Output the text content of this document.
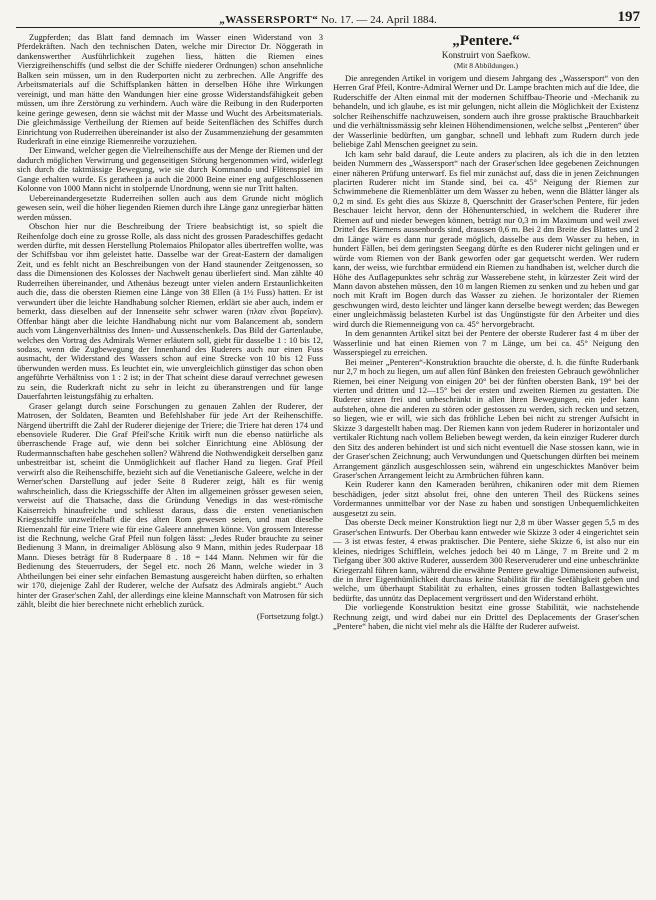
„WASSERSPORT“
No. 17. — 24. April 1884.	197

Zugpferden; das Blatt fand demnach im Wasser einen Widerstand von 3 Pferdekräften. Nach den technischen Daten, welche mir Director Dr. Nöggerath in dankenswerther Ausführlichkeit zugehen liess, hätten die Riemen eines Vierzigreihenschiffs (und selbst die der Schiffe niederer Ordnungen) schon ansehnliche Balken sein müssen, um in den Ruderporten nicht zu zerbrechen. Alle Angriffe des Arbeitsmaterials auf die Schiffsplanken hätten in derselben Höhe ihre Wirkungen vereinigt, und man hätte den Wandungen hier eine grosse Widerstandsfähigkeit geben müssen, um ihre Zerstörung zu verhindern. Auch wäre die Reibung in den Ruderporten keine geringe gewesen, denn sie wächst mit der Masse und Wucht des Arbeitsmaterials. Die gleichmässige Vertheilung der Riemen auf beide Seitenflächen des Schiffes durch Einrichtung von Ruderreihen übereinander ist also der Zusammenziehung der gesammten Ruderkraft in eine einzige Riemenreihe vorzuziehen.

Der Einwand, welcher gegen die Vielreihenschiffe aus der Menge der Riemen und der dadurch möglichen Verwirrung und gegenseitigen Störung hergenommen wird, widerlegt sich durch die taktmässige Bewegung, wie sie durch Kommando und Flötenspiel im Gange erhalten wurde. Es geratheen ja auch die 2000 Beine einer eng aufgeschlossenen Kolonne von 1000 Mann nicht in stolpernde Unordnung, wenn sie nur Tritt halten.

Uebereinandergesetzte Ruderreihen sollen auch aus dem Grunde nicht möglich gewesen sein, weil die höher liegenden Riemen durch ihre Länge ganz unregierbar hätten werden müssen.

Obschon hier nur die Beschreibung der Triere beabsichtigt ist, so spielt die Reihenfolge doch eine zu grosse Rolle, als dass nicht des grossen Paradeschiffes gedacht werden dürfte, mit dessen Herstellung Ptolemaios Philopator alles übertreffen wollte, was der Schiffsbau vor ihm geleistet hatte. Dasselbe war der Great-Eastern der damaligen Zeit, und es fehlt nicht an Beschreibungen von der Hand staunender Zeitgenossen, so dass die Dimensionen des Kolosses der Nachwelt genau überliefert sind. Man zählte 40 Ruderreihen übereinander, und Athenäus bezeugt unter vielen andern Erstaunlichkeiten auch die, dass die obersten Riemen eine Länge von 38 Ellen (à 1½ Fuss) hatten. Er ist verwundert über die leichte Handhabung solcher Riemen, erklärt sie aber auch, indem er bemerkt, dass dieselben auf der Innenseite sehr schwer waren (πλαν εἶναι βαρεῖαν). Offenbar hängt aber die leichte Handhabung nicht nur vom Balancement ab, sondern auch vom Längenverhältniss des Innen- und Aussenschenkels. Das Bild der Gartenlaube, welches den Vortrag des Admirals Werner erläutern soll, giebt für dasselbe 1 : 10 bis 12, sodass, wenn die Zugbewegung der Innenhand des Ruderers auch nur einen Fuss ausmacht, der Widerstand des Wassers schon auf eine Strecke von 10 bis 12 Fuss überwunden werden muss. Es leuchtet ein, wie unvergleichlich günstiger das schon oben angeführte Verhältniss von 1 : 2 ist; in der That scheint diese darauf verrechnet gewesen zu sein, die Ruderkraft nicht zu sehr in leicht zu überanstrengen und für lange Dauerfahrten leistungsfähig zu erhalten.

Graser gelangt durch seine Forschungen zu genauen Zahlen der Ruderer, der Matrosen, der Soldaten, Beamten und Befehlshaber für jede Art der Reihenschiffe. Närgend übertrifft die Zahl der Ruderer diejenige der Triere; die Triere hat deren 174 und ebensoviele Ruderer. Die Graf Pfeil'sche Kritik wirft nun die ebenso natürliche als überraschende Frage auf, wie denn bei solcher Einrichtung eine Ablösung der Rudermannschaften habe geschehen sollen? Während die Nothwendigkeit derselben ganz unbestreitbar ist, scheint die Unmöglichkeit auf flacher Hand zu liegen. Graf Pfeil verwirft also die Reihenschiffe, bezieht sich auf die Venetianische Galeere, welche in der Werner'schen Darstellung auf jeder Seite 8 Ruderer zeigt, hält es für wenig wahrscheinlich, dass die Kriegsschiffe der Alten im allgemeinen grösser gewesen seien, verweist auf die Thatsache, dass die Gründung Venedigs in das west-römische Kaiserreich hinaufreiche und schliesst daraus, dass die ersten venetianischen Kriegsschiffe unzweifelhaft die des alten Rom gewesen seien, und man dieselbe Riemenzahl für eine Triere wie für eine Galeere annehmen könne. Von grossem Interesse ist die Rechnung, welche Graf Pfeil nun folgen lässt: „Jedes Ruder brauchte zu seiner Bedienung 3 Mann, in dreimaliger Ablösung also 9 Mann, mithin jedes Ruderpaar 18 Mann. Dieses beträgt für 8 Ruderpaare 8 . 18 = 144 Mann. Nehmen wir für die Bedienung des Steuerruders, der Segel etc. noch 26 Mann, welche wieder in 3 Abtheilungen bei einer sehr einfachen Bemastung ausgereicht haben dürften, so erhalten wir 170, diejenige Zahl der Ruderer, welche der Aufsatz des Admirals angiebt.“ Auch hinter der Graser'schen Zahl, der allerdings eine kleine Mannschaft von Matrosen für sich zählt, bleibt die hier berechnete nicht erheblich zurück.

(Fortsetzung folgt.)

„Pentere.“
Konstruirt von Saefkow.
(Mit 8 Abbildungen.)

Die anregenden Artikel in vorigem und diesem Jahrgang des „Wassersport“ von den Herren Graf Pfeil, Kontre-Admiral Werner und Dr. Lampe brachten mich auf die Idee, die Ruderschiffe der Alten einmal mit der modernen Schiffbau-Theorie und -Mechanik zu behandeln, und ich glaube, es ist mir gelungen, nicht allein die Möglichkeit der Existenz solcher Reihenschiffe nachzuweisen, sondern auch ihre grosse praktische Brauchbarkeit und die verhältnissmässig sehr kleinen Höhendimensionen, welche selbst „Penteren“ über der Wasserlinie bedürften, um gangbar, schnell und lebhaft zum Rudern durch jede beliebige Zahl Menschen geeignet zu sein.

Ich kam sehr bald darauf, die Leute anders zu placiren, als ich die in den letzten beiden Nummern des „Wassersport“ nach der Graser'schen Idee gegebenen Zeichnungen einer näheren Prüfung unterwarf. Es fiel mir zunächst auf, dass die in jenen Zeichnungen placirten Ruderer nicht im Stande sind, bei ca. 45° Neigung der Riemen zur Schwimmebene die Riemenblätter um dem Wasser zu heben, wenn die Blätter länger als 0,2 m sind. Es geht dies aus Skizze 8, Querschnitt der Graser'schen Pentere, für jeden Beschauer leicht hervor, denn der Höhenunterschied, in welchem die Ruderer ihre Riemen auf und nieder bewegen können, beträgt nur 0,3 m im Maximum und weil zwei Drittel des Riemens aussenbords sind, draussen 0,6 m. Bei 2 dm Breite des Blattes und 2 dm Länge wäre es dann nur gerade möglich, dasselbe aus dem Wasser zu heben, in hundert Fällen, bei dem geringsten Seegang dürfte es den Ruderer nicht gelingen und er würde vom Riemen von der Bank geworfen oder gar gequetscht werden. Wer rudern kann, der weiss, wie furchtbar ermüdend ein Riemen zu handhaben ist, welcher durch die Höhe des Auflagepunktes sehr schräg zur Wasserebene steht, in kürzester Zeit wird der Mann davon abstehen müssen, den 10 m langen Riemen zu senken und zu heben und gar noch mit Kraft im Bogen durch das Wasser zu ziehen. Je horizontaler der Riemen geschwungen wird, desto leichter und länger kann derselbe bewegt werden; das Bewegen einer ungleichmässig belasteten Kurbel ist das Ungünstigste für den Arbeiter und dies wird durch die Riemenneigung von ca. 45° hervorgebracht.

In dem genannten Artikel sitzt bei der Pentere der oberste Ruderer fast 4 m über der Wasserlinie und hat einen Riemen von 7 m Länge, um bei ca. 45° Neigung den Wasserspiegel zu erreichen.

Bei meiner „Penteren“-Konstruktion brauchte die oberste, d. h. die fünfte Ruderbank nur 2,7 m hoch zu liegen, um auf allen fünf Bänken den freiesten Gebrauch gewöhnlicher Riemen, bei einer Neigung von einigen 20° bei der fünften obersten Bank, 19° bei der vierten und dritten und 12—15° bei der ersten und zweiten Riemen zu gestatten. Die Ruderer sitzen frei und unbeschränkt in allen ihren Bewegungen, ein jeder kann aufstehen, ohne die anderen zu stören oder gestossen zu werden, sich recken und setzen, so liegen, wie er will, wie sich das fröhliche Leben bei nicht zu strenger Aufsicht in Skizze 3 dargestellt haben mag. Der Riemen kann von jedem Ruderer in horizontaler und vertikaler Richtung nach vollem Belieben bewegt werden, da kein einziger Ruderer durch den Sitz des anderen behindert ist und sich nicht eventuell die Nase stossen kann, wie in der Graser'schen Zeichnung; auch Verwundungen und Quetschungen dürften bei meinem Arrangement gänzlich ausgeschlossen sein, während ein ungeschicktes Manöver beim Graser'schen Arrangement leicht zu Armbrüchen führen kann.

Kein Ruderer kann den Kameraden berühren, chikaniren oder mit dem Riemen beschädigen, jeder sitzt absolut frei, ohne den unteren Theil des Rückens seines Vordermannes unmittelbar vor der Nase zu haben und sonstigen Unbequemlichkeiten ausgesetzt zu sein.

Das oberste Deck meiner Konstruktion liegt nur 2,8 m über Wasser gegen 5,5 m des Graser'schen Entwurfs. Der Oberbau kann entweder wie Skizze 3 oder 4 eingerichtet sein — 3 ist etwas fester, 4 etwas praktischer. Die Pentere, siehe Skizze 6, ist also nur ein kleines, niedriges Schifflein, welches jedoch bei 40 m Länge, 7 m Breite und 2 m Tiefgang über 300 aktive Ruderer, ausserdem 300 Reserveruderer und eine unbeschränkte Kriegerzahl führen kann, während die erwähnte Pentere gewaltige Dimensionen aufweist, die in ihrer Eigenthümlichkeit durchaus keine Stabilität für die Seefähigkeit geben und welche, um überhaupt Stabilität zu erhalten, eines grossen todten Ballastgewichtes bedürfte, das unnütz das Deplacement vergrössert und den Widerstand erhöht.

Die vorliegende Konstruktion besitzt eine grosse Stabilität, wie nachstehende Rechnung zeigt, und wird dabei nur ein Drittel des Deplacements der Graser'schen „Pentere“ haben, die nicht viel mehr als die Hälfte der Ruderer aufweist.
